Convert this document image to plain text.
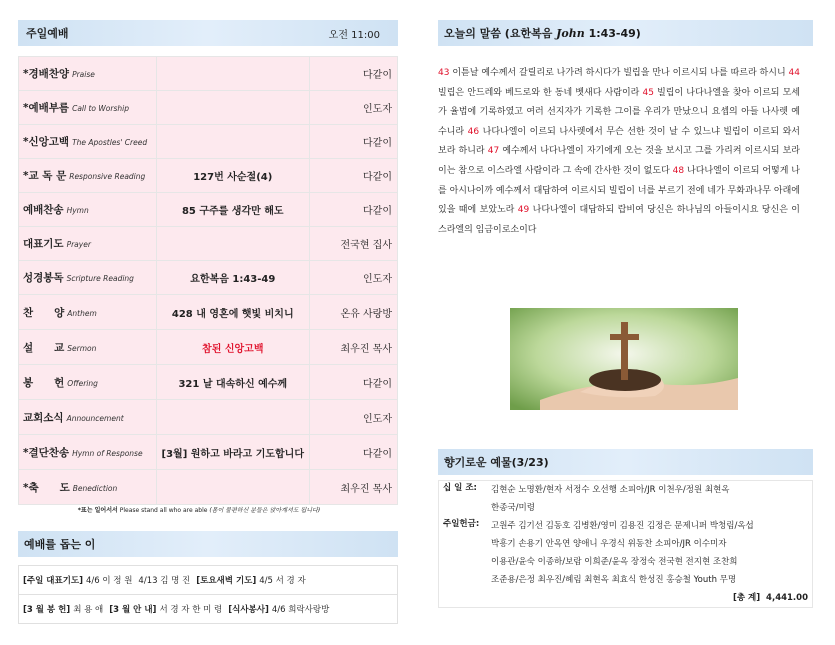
주일예배	오전 11:00
*경배찬양 Praise		다같이
*예배부름 Call to Worship		인도자
*신앙고백 The Apostles' Creed		다같이
*교 독 문 Responsive Reading	127번 사순절(4)	다같이
예배찬송 Hymn	85 구주를 생각만 해도	다같이
대표기도 Prayer		전국현 집사
성경봉독 Scripture Reading	요한복음 1:43-49	인도자
찬　　양 Anthem	428 내 영혼에 햇빛 비치니	온유 사랑방
설　　교 Sermon	참된 신앙고백	최우진 목사
봉　　헌 Offering	321 날 대속하신 예수께	다같이
교회소식 Announcement		인도자
*결단찬송 Hymn of Response	[3월] 원하고 바라고 기도합니다	다같이
*축　　도 Benediction		최우진 목사
*표는 일어서서 Please stand all who are able (몸이 불편하신 분들은 앉아계셔도 됩니다)
예배를 돕는 이
[주일 대표기도] 4/6 이 정 원 4/13 김 명 진 [토요새벽 기도] 4/5 서 경 자
[3 월 봉 헌] 최 용 애 [3 월 안 내] 서 경 자 한 미 령 [식사봉사] 4/6 희락사랑방
오늘의 말씀 (요한복음 John 1:43-49)
43 이튿날 예수께서 갈릴리로 나가려 하시다가 빌립을 만나 이르시되 나를 따르라 하시니 44 빌립은 안드레와 베드로와 한 동네 벳새다 사람이라 45 빌립이 나다나엘을 찾아 이르되 모세가 율법에 기록하였고 여러 선지자가 기록한 그이를 우리가 만났으니 요셉의 아들 나사렛 예수니라 46 나다나엘이 이르되 나사렛에서 무슨 선한 것이 날 수 있느냐 빌립이 이르되 와서 보라 하니라 47 예수께서 나다나엘이 자기에게 오는 것을 보시고 그를 가리켜 이르시되 보라 이는 참으로 이스라엘 사람이라 그 속에 간사한 것이 없도다 48 나다나엘이 이르되 어떻게 나를 아시나이까 예수께서 대답하여 이르시되 빌립이 너를 부르기 전에 네가 무화과나무 아래에 있을 때에 보았노라 49 나다나엘이 대답하되 랍비여 당신은 하나님의 아들이시요 당신은 이스라엘의 임금이로소이다
향기로운 예물(3/23)
십 일 조:	김현순 노명환/현자 서정수 오선행 소피아/JR 이천우/정원 최현옥
한종국/미령
주일헌금:	고원주 김기선 김동호 김병환/영미 김용진 김정은 문제니퍼 박청림/옥섭
박흥기 손용기 안옥연 양애니 우경식 위동찬 소피아/JR 이수미자
이용관/윤숙 이종하/보람 이희준/윤옥 장정숙 전국현 전지현 조찬희
조준용/은정 최우진/혜림 최현옥 최효식 한성진 홍승철 Youth 무명
[총 계] 4,441.00
